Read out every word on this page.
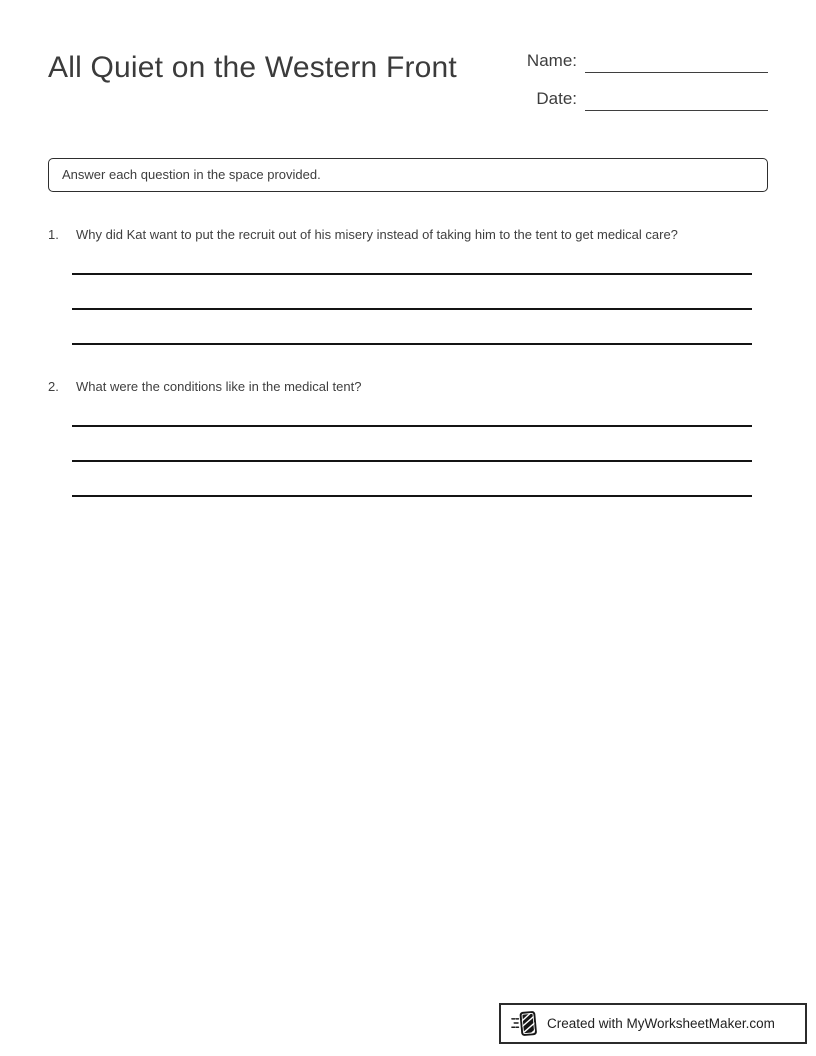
All Quiet on the Western Front	Name:
Date:
Answer each question in the space provided.
1.	Why did Kat want to put the recruit out of his misery instead of taking him to the tent to get medical care?
2.	What were the conditions like in the medical tent?
Created with MyWorksheetMaker.com
